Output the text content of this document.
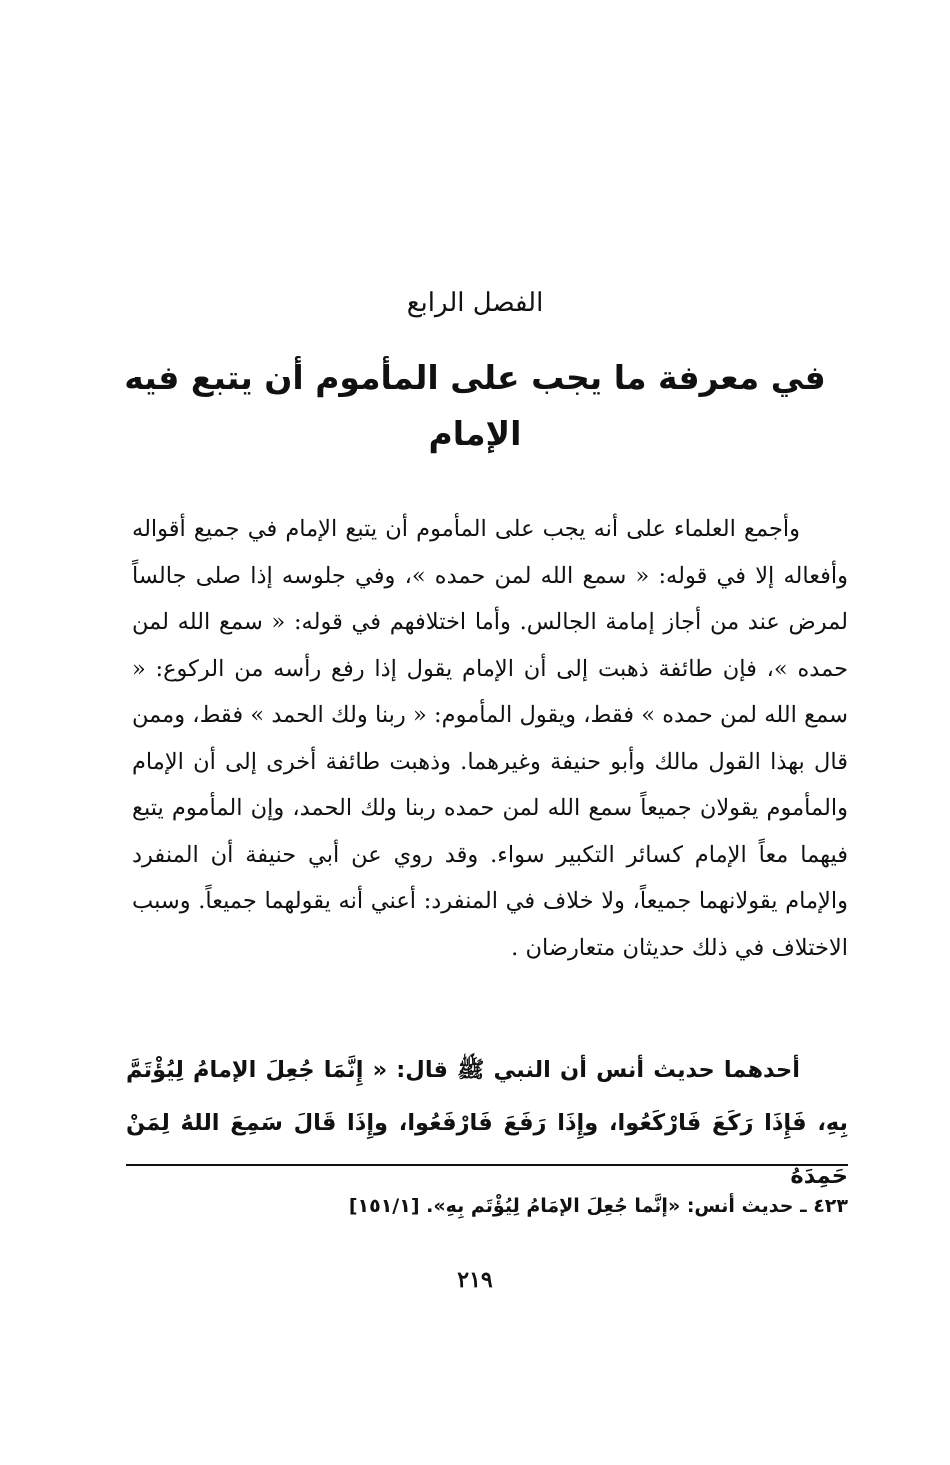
الفصل الرابع
في معرفة ما يجب على المأموم أن يتبع فيه الإمام

وأجمع العلماء على أنه يجب على المأموم أن يتبع الإمام في جميع أقواله وأفعاله إلا في قوله: « سمع الله لمن حمده »، وفي جلوسه إذا صلى جالساً لمرض عند من أجاز إمامة الجالس. وأما اختلافهم في قوله: « سمع الله لمن حمده »، فإن طائفة ذهبت إلى أن الإمام يقول إذا رفع رأسه من الركوع: « سمع الله لمن حمده » فقط، ويقول المأموم: « ربنا ولك الحمد » فقط، وممن قال بهذا القول مالك وأبو حنيفة وغيرهما. وذهبت طائفة أخرى إلى أن الإمام والمأموم يقولان جميعاً سمع الله لمن حمده ربنا ولك الحمد، وإن المأموم يتبع فيهما معاً الإمام كسائر التكبير سواء. وقد روي عن أبي حنيفة أن المنفرد والإمام يقولانهما جميعاً، ولا خلاف في المنفرد: أعني أنه يقولهما جميعاً. وسبب الاختلاف في ذلك حديثان متعارضان .

أحدهما حديث أنس أن النبي ﷺ قال: « إِنَّمَا جُعِلَ الإمامُ لِيُؤْتَمَّ بِهِ، فَإِذَا رَكَعَ فَارْكَعُوا، وإِذَا رَفَعَ فَارْفَعُوا، وإِذَا قَالَ سَمِعَ اللهُ لِمَنْ حَمِدَهُ

٤٢٣ ـ حديث أنس: «إنَّما جُعِلَ الإمَامُ لِيُؤْتَم بِهِ». [١٥١/١]
٢١٩
